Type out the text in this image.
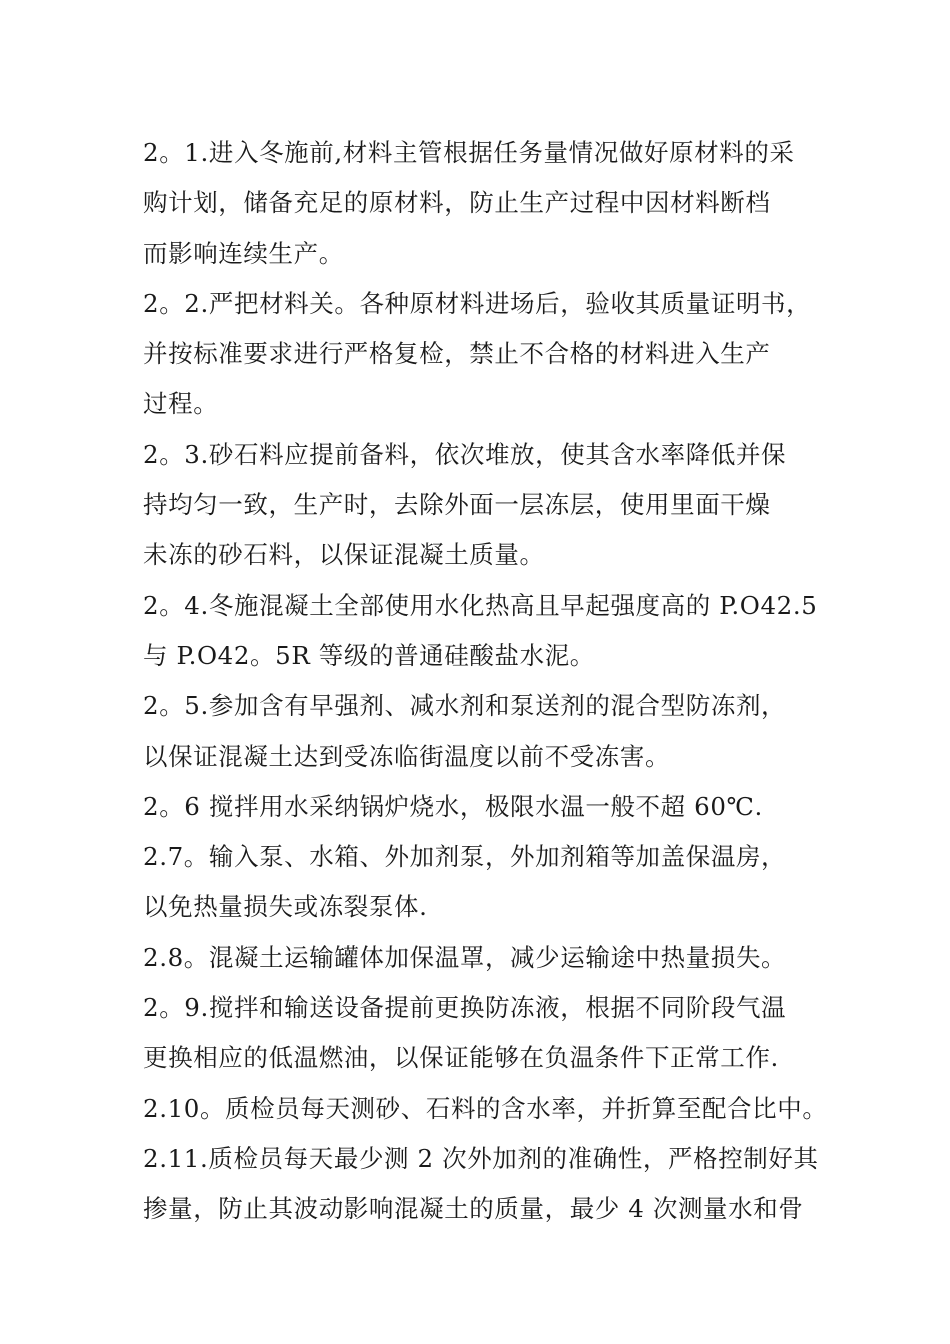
2。1.进入冬施前,材料主管根据任务量情况做好原材料的采
购计划，储备充足的原材料，防止生产过程中因材料断档
而影响连续生产。

2。2.严把材料关。各种原材料进场后，验收其质量证明书，
并按标准要求进行严格复检，禁止不合格的材料进入生产
过程。

2。3.砂石料应提前备料，依次堆放，使其含水率降低并保
持均匀一致，生产时，去除外面一层冻层，使用里面干燥
未冻的砂石料，以保证混凝土质量。

2。4.冬施混凝土全部使用水化热高且早起强度高的 P.O42.5
与 P.O42。5R 等级的普通硅酸盐水泥。

2。5.参加含有早强剂、减水剂和泵送剂的混合型防冻剂，
以保证混凝土达到受冻临街温度以前不受冻害。

2。6 搅拌用水采纳锅炉烧水，极限水温一般不超 60℃.

2.7。输入泵、水箱、外加剂泵，外加剂箱等加盖保温房，
以免热量损失或冻裂泵体.

2.8。混凝土运输罐体加保温罩，减少运输途中热量损失。

2。9.搅拌和输送设备提前更换防冻液，根据不同阶段气温
更换相应的低温燃油，以保证能够在负温条件下正常工作.

2.10。质检员每天测砂、石料的含水率，并折算至配合比中。

2.11.质检员每天最少测 2 次外加剂的准确性，严格控制好其
掺量，防止其波动影响混凝土的质量，最少 4 次测量水和骨
